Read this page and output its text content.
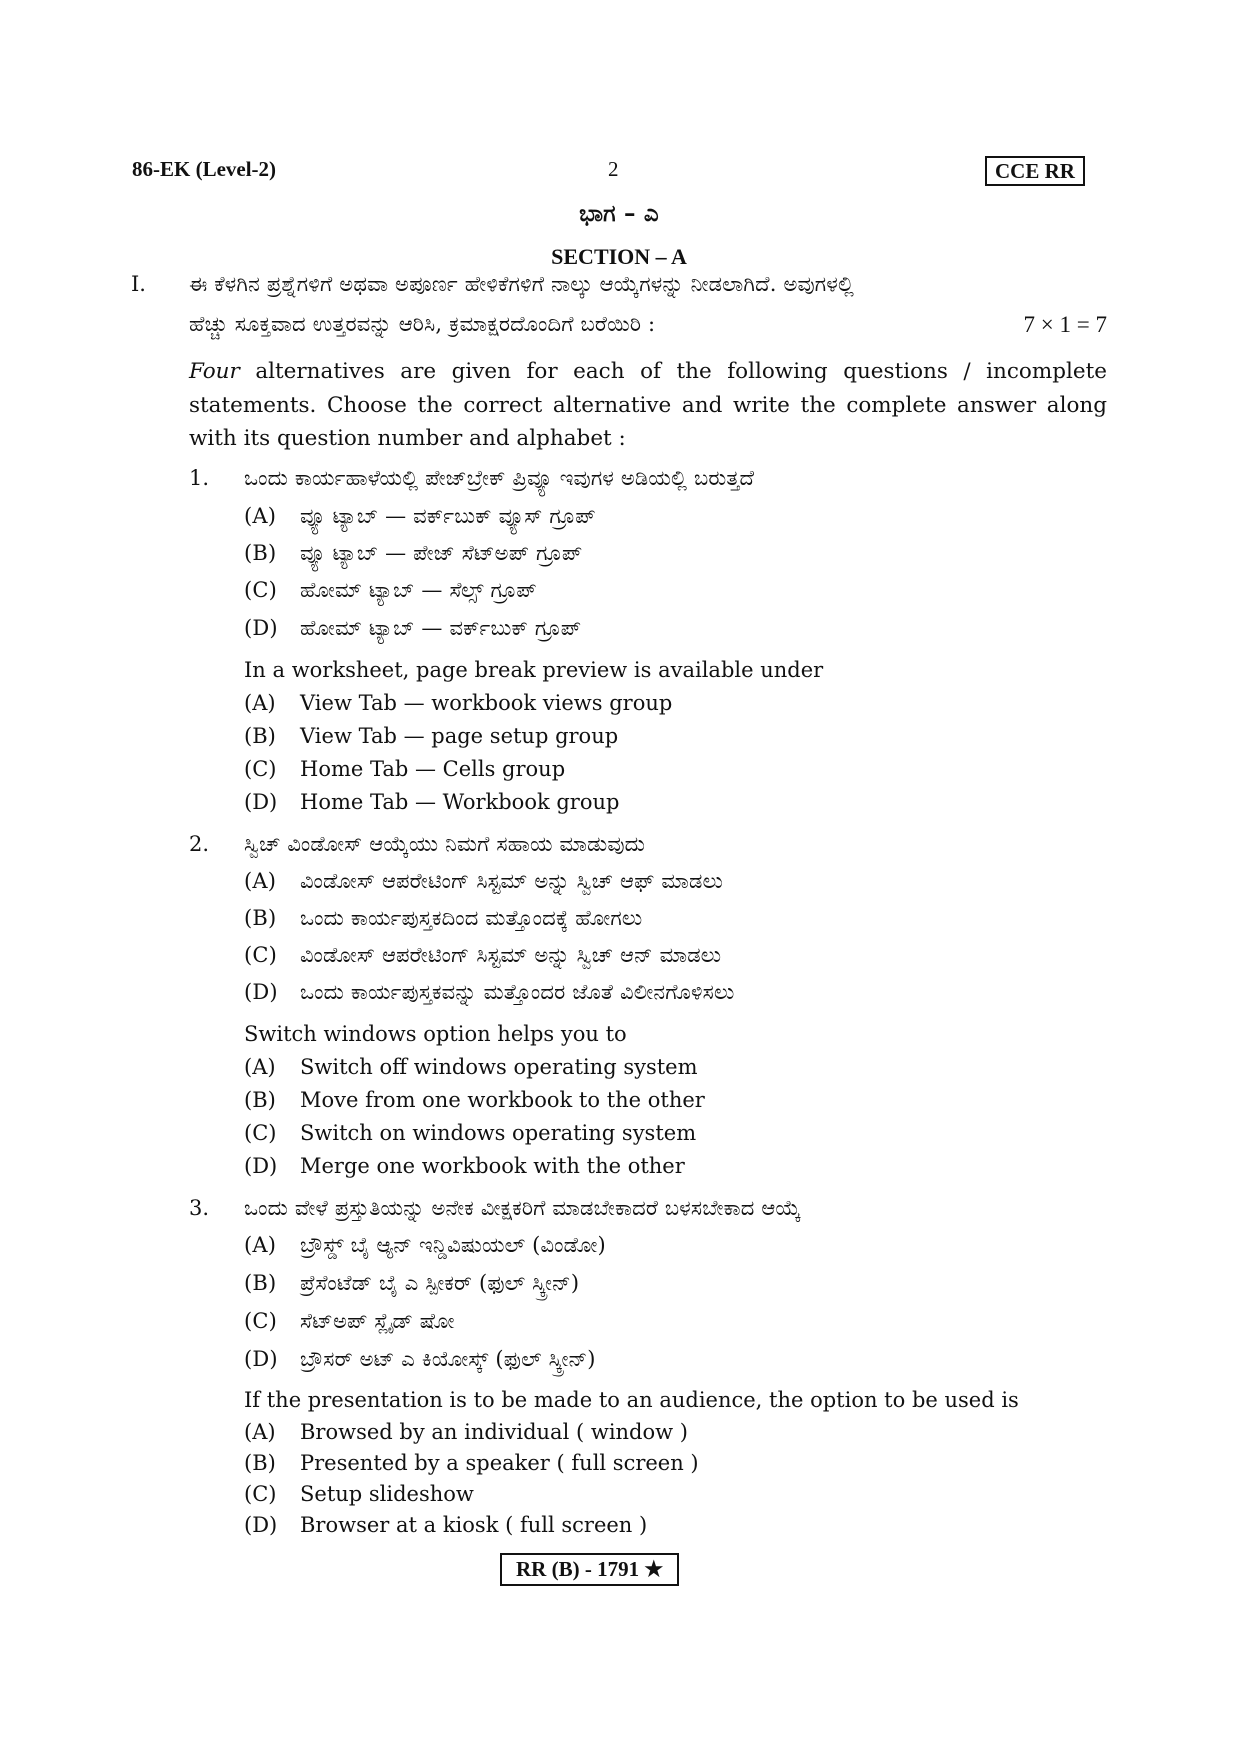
86-EK (Level-2)	2	CCE RR
ಭಾಗ – ಎ
SECTION – A
I. ಈ ಕೆಳಗಿನ ಪ್ರಶ್ನೆಗಳಿಗೆ ಅಥವಾ ಅಪೂರ್ಣ ಹೇಳಿಕೆಗಳಿಗೆ ನಾಲ್ಕು ಆಯ್ಕೆಗಳನ್ನು ನೀಡಲಾಗಿದೆ. ಅವುಗಳಲ್ಲಿ
ಹೆಚ್ಚು ಸೂಕ್ತವಾದ ಉತ್ತರವನ್ನು ಆರಿಸಿ, ಕ್ರಮಾಕ್ಷರದೊಂದಿಗೆ ಬರೆಯಿರಿ :	7 × 1 = 7
Four alternatives are given for each of the following questions / incomplete statements. Choose the correct alternative and write the complete answer along with its question number and alphabet :
1. ಒಂದು ಕಾರ್ಯಹಾಳೆಯಲ್ಲಿ ಪೇಜ್‌ಬ್ರೇಕ್ ಪ್ರಿವ್ಯೂ ಇವುಗಳ ಅಡಿಯಲ್ಲಿ ಬರುತ್ತದೆ
(A) ವ್ಯೂ ಟ್ಯಾಬ್ — ವರ್ಕ್‌ಬುಕ್ ವ್ಯೂಸ್ ಗ್ರೂಪ್
(B) ವ್ಯೂ ಟ್ಯಾಬ್ — ಪೇಜ್ ಸೆಟ್‌ಅಪ್ ಗ್ರೂಪ್
(C) ಹೋಮ್ ಟ್ಯಾಬ್ — ಸೆಲ್ಸ್ ಗ್ರೂಪ್
(D) ಹೋಮ್ ಟ್ಯಾಬ್ — ವರ್ಕ್‌ಬುಕ್ ಗ್ರೂಪ್
In a worksheet, page break preview is available under
(A) View Tab — workbook views group
(B) View Tab — page setup group
(C) Home Tab — Cells group
(D) Home Tab — Workbook group
2. ಸ್ವಿಚ್ ವಿಂಡೋಸ್ ಆಯ್ಕೆಯು ನಿಮಗೆ ಸಹಾಯ ಮಾಡುವುದು
(A) ವಿಂಡೋಸ್ ಆಪರೇಟಿಂಗ್ ಸಿಸ್ಟಮ್ ಅನ್ನು ಸ್ವಿಚ್ ಆಫ್ ಮಾಡಲು
(B) ಒಂದು ಕಾರ್ಯಪುಸ್ತಕದಿಂದ ಮತ್ತೊಂದಕ್ಕೆ ಹೋಗಲು
(C) ವಿಂಡೋಸ್ ಆಪರೇಟಿಂಗ್ ಸಿಸ್ಟಮ್ ಅನ್ನು ಸ್ವಿಚ್ ಆನ್ ಮಾಡಲು
(D) ಒಂದು ಕಾರ್ಯಪುಸ್ತಕವನ್ನು ಮತ್ತೊಂದರ ಜೊತೆ ವಿಲೀನಗೊಳಿಸಲು
Switch windows option helps you to
(A) Switch off windows operating system
(B) Move from one workbook to the other
(C) Switch on windows operating system
(D) Merge one workbook with the other
3. ಒಂದು ವೇಳೆ ಪ್ರಸ್ತುತಿಯನ್ನು ಅನೇಕ ವೀಕ್ಷಕರಿಗೆ ಮಾಡಬೇಕಾದರೆ ಬಳಸಬೇಕಾದ ಆಯ್ಕೆ
(A) ಬ್ರೌಸ್ಡ್ ಬೈ ಆ್ಯನ್ ಇನ್ಡಿವಿಷುಯಲ್ (ವಿಂಡೋ)
(B) ಪ್ರೆಸೆಂಟೆಡ್ ಬೈ ಎ ಸ್ಪೀಕರ್ (ಫುಲ್ ಸ್ಕ್ರೀನ್)
(C) ಸೆಟ್‌ಅಪ್ ಸ್ಲೈಡ್ ಷೋ
(D) ಬ್ರೌಸರ್ ಅಟ್ ಎ ಕಿಯೋಸ್ಕ್ (ಫುಲ್ ಸ್ಕ್ರೀನ್)
If the presentation is to be made to an audience, the option to be used is
(A) Browsed by an individual ( window )
(B) Presented by a speaker ( full screen )
(C) Setup slideshow
(D) Browser at a kiosk ( full screen )
RR (B) - 1791 ★
